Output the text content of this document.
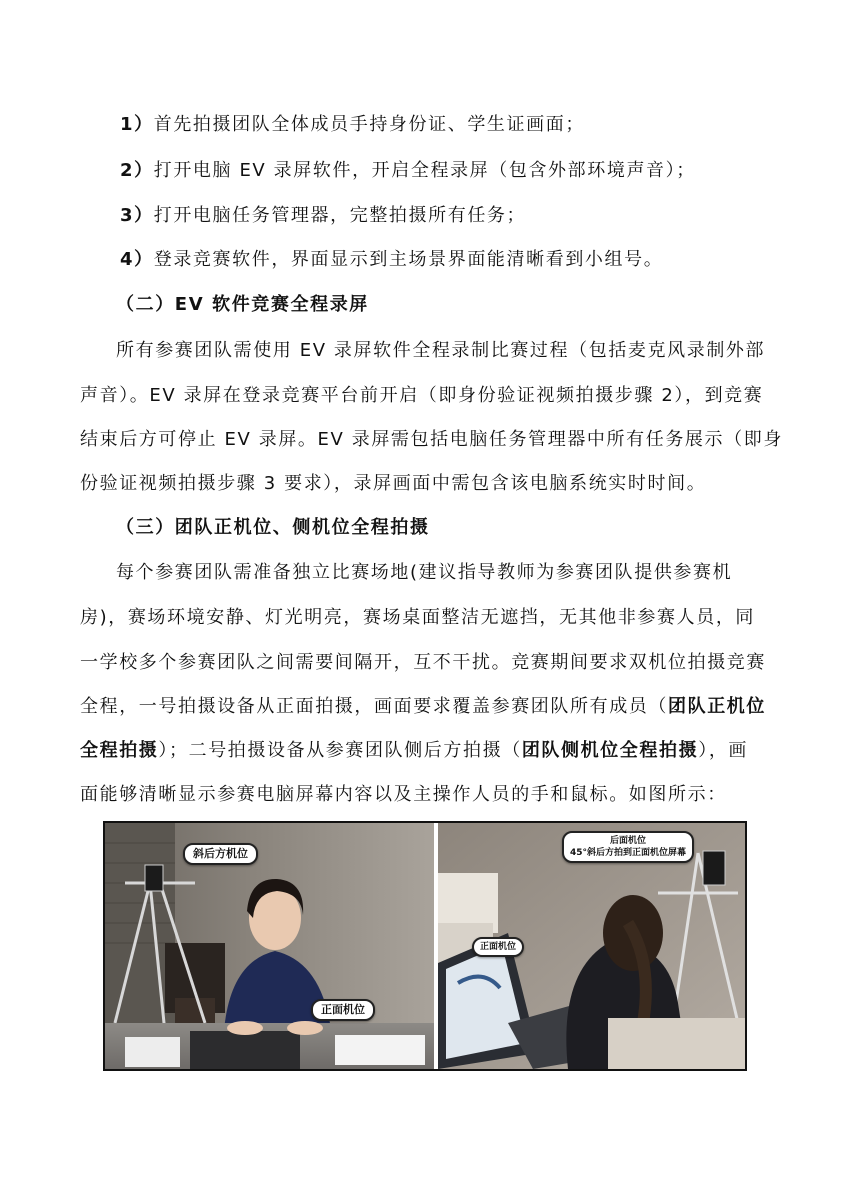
1）首先拍摄团队全体成员手持身份证、学生证画面；
2）打开电脑 EV 录屏软件，开启全程录屏（包含外部环境声音）；
3）打开电脑任务管理器，完整拍摄所有任务；
4）登录竞赛软件，界面显示到主场景界面能清晰看到小组号。
（二）EV 软件竞赛全程录屏
所有参赛团队需使用 EV 录屏软件全程录制比赛过程（包括麦克风录制外部
声音）。EV 录屏在登录竞赛平台前开启（即身份验证视频拍摄步骤 2），到竞赛
结束后方可停止 EV 录屏。EV 录屏需包括电脑任务管理器中所有任务展示（即身
份验证视频拍摄步骤 3 要求），录屏画面中需包含该电脑系统实时时间。
（三）团队正机位、侧机位全程拍摄
每个参赛团队需准备独立比赛场地(建议指导教师为参赛团队提供参赛机
房)，赛场环境安静、灯光明亮，赛场桌面整洁无遮挡，无其他非参赛人员，同
一学校多个参赛团队之间需要间隔开，互不干扰。竞赛期间要求双机位拍摄竞赛
全程，一号拍摄设备从正面拍摄，画面要求覆盖参赛团队所有成员（团队正机位
全程拍摄）；二号拍摄设备从参赛团队侧后方拍摄（团队侧机位全程拍摄），画
面能够清晰显示参赛电脑屏幕内容以及主操作人员的手和鼠标。如图所示：
斜后方机位
正面机位
后面机位
45°斜后方拍到正面机位屏幕
正面机位
